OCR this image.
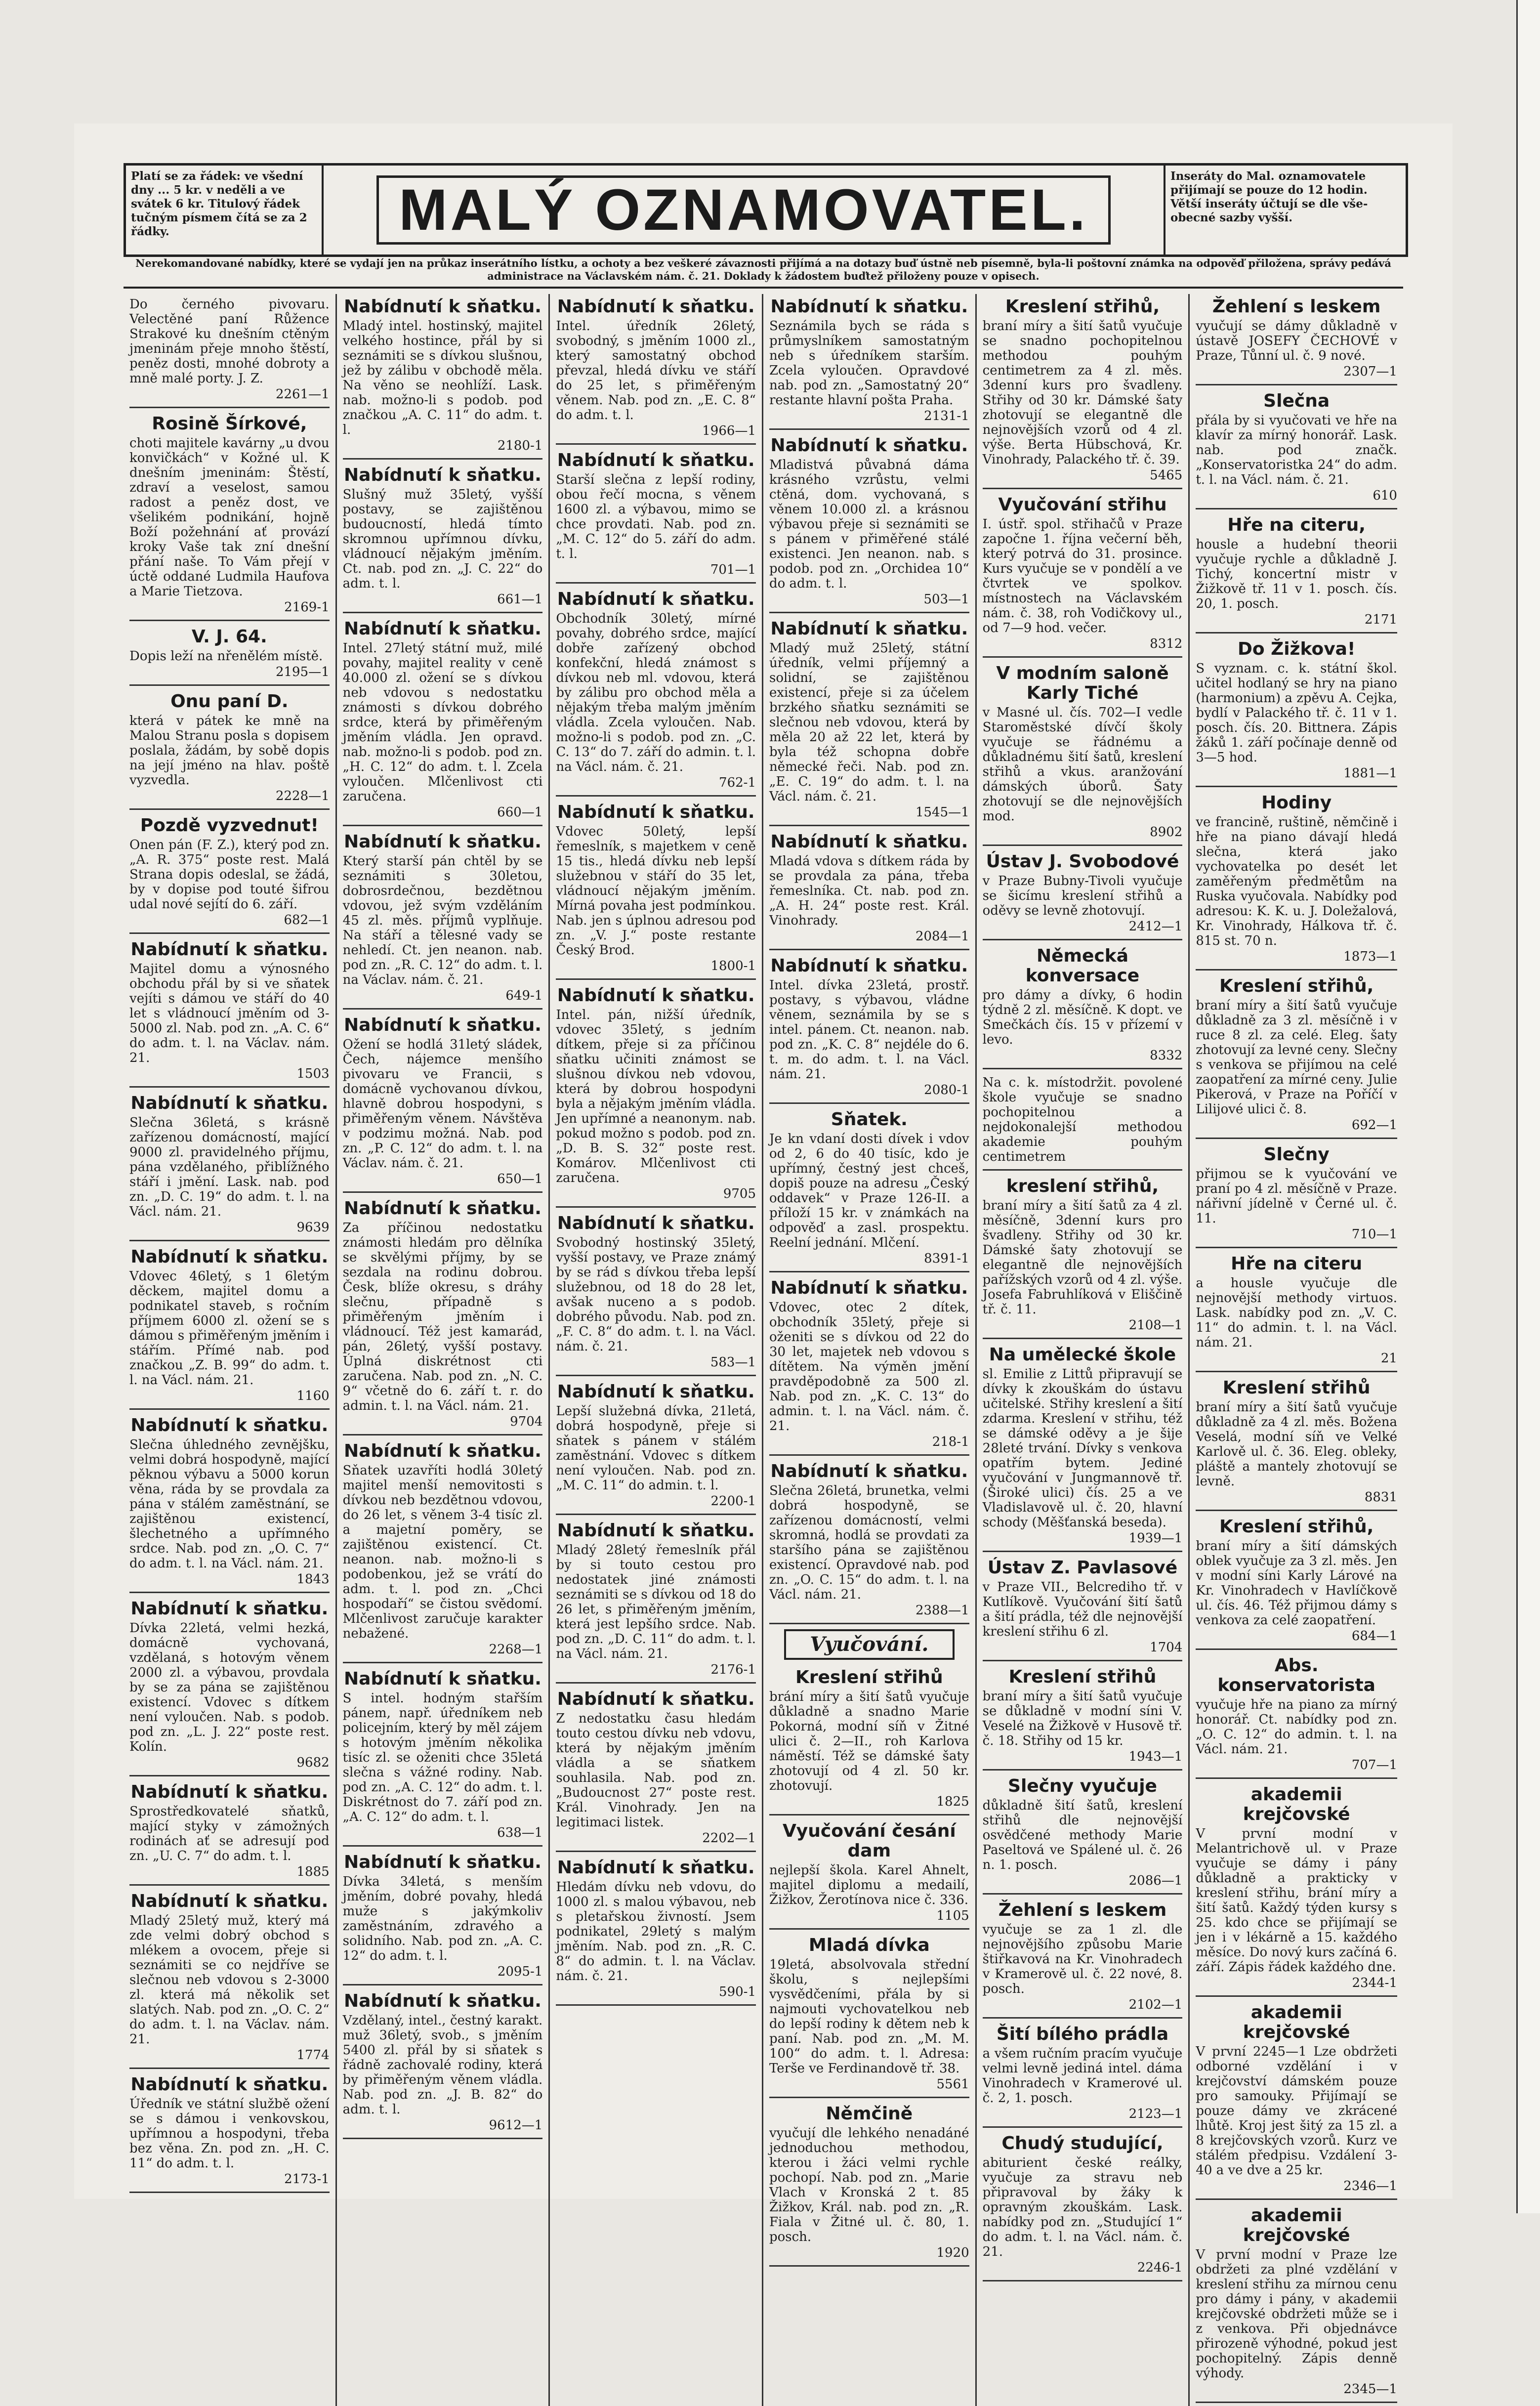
Platí se za řádek: ve všední dny ... 5 kr. v neděli a ve svátek 6 kr. Titulový řádek tučným písmem čítá se za 2 řádky.	MALÝ OZNAMOVATEL.
Inseráty do Mal. oznamovatele přijímají se pouze do 12 hodin. Větší inseráty účtují se dle vše-obecné sazby vyšší.
Nerekomandované nabídky, které se vydají jen na průkaz inserátního lístku, a ochoty a bez veškeré závaznosti přijímá a na dotazy buď ústně neb písemně, byla-li poštovní známka na odpověď přiložena, správy pedává administrace na Václavském nám. č. 21. Doklady k žádostem buďtež přiloženy pouze v opisech.

Do černého pivovaru. Velectěné paní Růžence Strakové ku dnešním ctěným jmeninám přeje mnoho štěstí, peněz dosti, mnohé dobroty a mně malé porty. J. Z.

2261—1
Rosině Šírkové,

choti majitele kavárny „u dvou konvičkách“ v Kožné ul. K dnešním jmeninám: Štěstí, zdraví a veselost, samou radost a peněz dost, ve všelikém podnikání, hojně Boží požehnání ať provází kroky Vaše tak zní dnešní přání naše. To Vám přejí v úctě oddané Ludmila Haufova a Marie Tietzova.

2169-1
V. J. 64.

Dopis leží na nřenělém místě.

2195—1
Onu paní D.

která v pátek ke mně na Malou Stranu posla s dopisem poslala, žádám, by sobě dopis na její jméno na hlav. poště vyzvedla.

2228—1
Pozdě vyzvednut!

Onen pán (F. Z.), který pod zn. „A. R. 375“ poste rest. Malá Strana dopis odeslal, se žádá, by v dopise pod touté šifrou udal nové sejítí do 6. září.

682—1
Nabídnutí k sňatku.

Majitel domu a výnosného obchodu přál by si ve sňatek vejíti s dámou ve stáří do 40 let s vládnoucí jměním od 3-5000 zl. Nab. pod zn. „A. C. 6“ do adm. t. l. na Václav. nám. 21.

1503
Nabídnutí k sňatku.

Slečna 36letá, s krásně zařízenou domácností, mající 9000 zl. pravidelného příjmu, pána vzdělaného, přiblížného stáří i jmění. Lask. nab. pod zn. „D. C. 19“ do adm. t. l. na Václ. nám. 21.

9639
Nabídnutí k sňatku.

Vdovec 46letý, s 1 6letým děckem, majitel domu a podnikatel staveb, s ročním příjmem 6000 zl. ožení se s dámou s přiměřeným jměním i stářím. Přímé nab. pod značkou „Z. B. 99“ do adm. t. l. na Václ. nám. 21.

1160
Nabídnutí k sňatku.

Slečna úhledného zevnějšku, velmi dobrá hospodyně, mající pěknou výbavu a 5000 korun věna, ráda by se provdala za pána v stálém zaměstnání, se zajištěnou existencí, šlechetného a upřímného srdce. Nab. pod zn. „O. C. 7“ do adm. t. l. na Václ. nám. 21.

1843
Nabídnutí k sňatku.

Dívka 22letá, velmi hezká, domácně vychovaná, vzdělaná, s hotovým věnem 2000 zl. a výbavou, provdala by se za pána se zajištěnou existencí. Vdovec s dítkem není vyloučen. Nab. s podob. pod zn. „L. J. 22“ poste rest. Kolín.

9682
Nabídnutí k sňatku.

Sprostředkovatelé sňatků, mající styky v zámožných rodinách ať se adresují pod zn. „U. C. 7“ do adm. t. l.

1885
Nabídnutí k sňatku.

Mladý 25letý muž, který má zde velmi dobrý obchod s mlékem a ovocem, přeje si seznámiti se co nejdříve se slečnou neb vdovou s 2-3000 zl. která má několik set slatých. Nab. pod zn. „O. C. 2“ do adm. t. l. na Václav. nám. 21.

1774
Nabídnutí k sňatku.

Úředník ve státní službě ožení se s dámou i venkovskou, upřímnou a hospodyni, třeba bez věna. Zn. pod zn. „H. C. 11“ do adm. t. l.

2173-1
Nabídnutí k sňatku.

Mladý intel. hostinský, majitel velkého hostince, přál by si seznámiti se s dívkou slušnou, jež by zálibu v obchodě měla. Na věno se neohlíží. Lask. nab. možno-li s podob. pod značkou „A. C. 11“ do adm. t. l.

2180-1
Nabídnutí k sňatku.

Slušný muž 35letý, vyšší postavy, se zajištěnou budoucností, hledá tímto skromnou upřímnou dívku, vládnoucí nějakým jměním. Ct. nab. pod zn. „J. C. 22“ do adm. t. l.

661—1
Nabídnutí k sňatku.

Intel. 27letý státní muž, milé povahy, majitel reality v ceně 40.000 zl. ožení se s dívkou neb vdovou s nedostatku známosti s dívkou dobrého srdce, která by přiměřeným jměním vládla. Jen opravd. nab. možno-li s podob. pod zn. „H. C. 12“ do adm. t. l. Zcela vyloučen. Mlčenlivost cti zaručena.

660—1
Nabídnutí k sňatku.

Který starší pán chtěl by se seznámiti s 30letou, dobrosrdečnou, bezdětnou vdovou, jež svým vzděláním 45 zl. měs. příjmů vyplňuje. Na stáří a tělesné vady se nehledí. Ct. jen neanon. nab. pod zn. „R. C. 12“ do adm. t. l. na Václav. nám. č. 21.

649-1
Nabídnutí k sňatku.

Ožení se hodlá 31letý sládek, Čech, nájemce menšího pivovaru ve Francii, s domácně vychovanou dívkou, hlavně dobrou hospodyni, s přiměřeným věnem. Návštěva v podzimu možná. Nab. pod zn. „P. C. 12“ do adm. t. l. na Václav. nám. č. 21.

650—1
Nabídnutí k sňatku.

Za příčinou nedostatku známosti hledám pro dělníka se skvělými příjmy, by se sezdala na rodinu dobrou. Česk, blíže okresu, s dráhy slečnu, případně s přiměřeným jměním i vládnoucí. Též jest kamarád, pán, 26letý, vyšší postavy. Úplná diskrétnost cti zaručena. Nab. pod zn. „N. C. 9“ včetně do 6. září t. r. do admin. t. l. na Václ. nám. 21.

9704
Nabídnutí k sňatku.

Sňatek uzavříti hodlá 30letý majitel menší nemovitosti s dívkou neb bezdětnou vdovou, do 26 let, s věnem 3-4 tisíc zl. a majetní poměry, se zajištěnou existencí. Ct. neanon. nab. možno-li s podobenkou, jež se vrátí do adm. t. l. pod zn. „Chci hospodaří“ se čistou svědomí. Mlčenlivost zaručuje karakter nebažené.

2268—1
Nabídnutí k sňatku.

S intel. hodným stařším pánem, např. úředníkem neb policejním, který by měl zájem s hotovým jměním několika tisíc zl. se oženiti chce 35letá slečna s vážné rodiny. Nab. pod zn. „A. C. 12“ do adm. t. l. Diskrétnost do 7. září pod zn. „A. C. 12“ do adm. t. l.

638—1
Nabídnutí k sňatku.

Dívka 34letá, s menším jměním, dobré povahy, hledá muže s jakýmkoliv zaměstnáním, zdravého a solidního. Nab. pod zn. „A. C. 12“ do adm. t. l.

2095-1
Nabídnutí k sňatku.

Vzdělaný, intel., čestný karakt. muž 36letý, svob., s jměním 5400 zl. přál by si sňatek s řádně zachovalé rodiny, která by přiměřeným věnem vládla. Nab. pod zn. „J. B. 82“ do adm. t. l.

9612—1
Nabídnutí k sňatku.

Intel. úředník 26letý, svobodný, s jměním 1000 zl., který samostatný obchod převzal, hledá dívku ve stáří do 25 let, s přiměřeným věnem. Nab. pod zn. „E. C. 8“ do adm. t. l.

1966—1
Nabídnutí k sňatku.

Starší slečna z lepší rodiny, obou řečí mocna, s věnem 1600 zl. a výbavou, mimo se chce provdati. Nab. pod zn. „M. C. 12“ do 5. září do adm. t. l.

701—1
Nabídnutí k sňatku.

Obchodník 30letý, mírné povahy, dobrého srdce, mající dobře zařízený obchod konfekční, hledá známost s dívkou neb ml. vdovou, která by zálibu pro obchod měla a nějakým třeba malým jměním vládla. Zcela vyloučen. Nab. možno-li s podob. pod zn. „C. C. 13“ do 7. září do admin. t. l. na Václ. nám. č. 21.

762-1
Nabídnutí k sňatku.

Vdovec 50letý, lepší řemeslník, s majetkem v ceně 15 tis., hledá dívku neb lepší služebnou v stáří do 35 let, vládnoucí nějakým jměním. Mírná povaha jest podmínkou. Nab. jen s úplnou adresou pod zn. „V. J.“ poste restante Český Brod.

1800-1
Nabídnutí k sňatku.

Intel. pán, nižší úředník, vdovec 35letý, s jedním dítkem, přeje si za příčinou sňatku učiniti známost se slušnou dívkou neb vdovou, která by dobrou hospodyni byla a nějakým jměním vládla. Jen upřímné a neanonym. nab. pokud možno s podob. pod zn. „D. B. S. 32“ poste rest. Komárov. Mlčenlivost cti zaručena.

9705
Nabídnutí k sňatku.

Svobodný hostinský 35letý, vyšší postavy, ve Praze známý by se rád s dívkou třeba lepší služebnou, od 18 do 28 let, avšak nuceno a s podob. dobrého původu. Nab. pod zn. „F. C. 8“ do adm. t. l. na Václ. nám. č. 21.

583—1
Nabídnutí k sňatku.

Lepší služebná dívka, 21letá, dobrá hospodyně, přeje si sňatek s pánem v stálém zaměstnání. Vdovec s dítkem není vyloučen. Nab. pod zn. „M. C. 11“ do admin. t. l.

2200-1
Nabídnutí k sňatku.

Mladý 28letý řemeslník přál by si touto cestou pro nedostatek jiné známosti seznámiti se s dívkou od 18 do 26 let, s přiměřeným jměním, která jest lepšího srdce. Nab. pod zn. „D. C. 11“ do adm. t. l. na Václ. nám. 21.

2176-1
Nabídnutí k sňatku.

Z nedostatku času hledám touto cestou dívku neb vdovu, která by nějakým jměním vládla a se sňatkem souhlasila. Nab. pod zn. „Budoucnost 27“ poste rest. Král. Vinohrady. Jen na legitimaci listek.

2202—1
Nabídnutí k sňatku.

Hledám dívku neb vdovu, do 1000 zl. s malou výbavou, neb s pletařskou živností. Jsem podnikatel, 29letý s malým jměním. Nab. pod zn. „R. C. 8“ do admin. t. l. na Václav. nám. č. 21.

590-1
Nabídnutí k sňatku.

Seznámila bych se ráda s průmyslníkem samostatným neb s úředníkem starším. Zcela vyloučen. Opravdové nab. pod zn. „Samostatný 20“ restante hlavní pošta Praha.

2131-1
Nabídnutí k sňatku.

Mladistvá půvabná dáma krásného vzrůstu, velmi ctěná, dom. vychovaná, s věnem 10.000 zl. a krásnou výbavou přeje si seznámiti se s pánem v přiměřené stálé existenci. Jen neanon. nab. s podob. pod zn. „Orchidea 10“ do adm. t. l.

503—1
Nabídnutí k sňatku.

Mladý muž 25letý, státní úředník, velmi příjemný a solidní, se zajištěnou existencí, přeje si za účelem brzkého sňatku seznámiti se slečnou neb vdovou, která by měla 20 až 22 let, která by byla též schopna dobře německé řeči. Nab. pod zn. „E. C. 19“ do adm. t. l. na Václ. nám. č. 21.

1545—1
Nabídnutí k sňatku.

Mladá vdova s dítkem ráda by se provdala za pána, třeba řemeslníka. Ct. nab. pod zn. „A. H. 24“ poste rest. Král. Vinohrady.

2084—1
Nabídnutí k sňatku.

Intel. dívka 23letá, prostř. postavy, s výbavou, vládne věnem, seznámila by se s intel. pánem. Ct. neanon. nab. pod zn. „K. C. 8“ nejdéle do 6. t. m. do adm. t. l. na Václ. nám. 21.

2080-1
Sňatek.

Je kn vdaní dosti dívek i vdov od 2, 6 do 40 tisíc, kdo je upřímný, čestný jest chceš, dopiš pouze na adresu „Český oddavek“ v Praze 126-II. a příloží 15 kr. v známkách na odpověď a zasl. prospektu. Reelní jednání. Mlčení.

8391-1
Nabídnutí k sňatku.

Vdovec, otec 2 dítek, obchodník 35letý, přeje si oženiti se s dívkou od 22 do 30 let, majetek neb vdovou s dítětem. Na výměn jmění pravděpodobně za 500 zl. Nab. pod zn. „K. C. 13“ do admin. t. l. na Václ. nám. č. 21.

218-1
Nabídnutí k sňatku.

Slečna 26letá, brunetka, velmi dobrá hospodyně, se zařízenou domácností, velmi skromná, hodlá se provdati za staršího pána se zajištěnou existencí. Opravdové nab. pod zn. „O. C. 15“ do adm. t. l. na Václ. nám. 21.

2388—1
Vyučování.
Kreslení střihů

brání míry a šití šatů vyučuje důkladně a snadno Marie Pokorná, modní síň v Žitné ulici č. 2—II., roh Karlova náměstí. Též se dámské šaty zhotovují od 4 zl. 50 kr. zhotovují.

1825
Vyučování česání dam

nejlepší škola. Karel Ahnelt, majitel diplomu a medailí, Žižkov, Žerotínova nice č. 336.

1105
Mladá dívka

19letá, absolvovala střední školu, s nejlepšími vysvědčeními, přála by si najmouti vychovatelkou neb do lepší rodiny k dětem neb k paní. Nab. pod zn. „M. M. 100“ do adm. t. l. Adresa: Terše ve Ferdinandově tř. 38.

5561
Němčině

vyučují dle lehkého nenadáné jednoduchou methodou, kterou i žáci velmi rychle pochopí. Nab. pod zn. „Marie Vlach v Kronská 2 t. 85 Žižkov, Král. nab. pod zn. „R. Fiala v Žitné ul. č. 80, 1. posch.

1920
Kreslení střihů,

braní míry a šití šatů vyučuje se snadno pochopitelnou methodou pouhým centimetrem za 4 zl. měs. 3denní kurs pro švadleny. Střihy od 30 kr. Dámské šaty zhotovují se elegantně dle nejnovějších vzorů od 4 zl. výše. Berta Hübschová, Kr. Vinohrady, Palackého tř. č. 39.

5465
Vyučování střihu

I. ústř. spol. střihačů v Praze započne 1. října večerní běh, který potrvá do 31. prosince. Kurs vyučuje se v pondělí a ve čtvrtek ve spolkov. místnostech na Václavském nám. č. 38, roh Vodičkovy ul., od 7—9 hod. večer.

8312
V modním saloně Karly Tiché

v Masné ul. čís. 702—I vedle Staroměstské dívčí školy vyučuje se řádnému a důkladnému šití šatů, kreslení střihů a vkus. aranžování dámských úborů. Šaty zhotovují se dle nejnovějších mod.

8902
Ústav J. Svobodové

v Praze Bubny-Tivoli vyučuje se šicímu kreslení střihů a oděvy se levně zhotovují.

2412—1
Německá konversace

pro dámy a dívky, 6 hodin týdně 2 zl. měsíčně. K dopt. ve Smečkách čís. 15 v přízemí v levo.

8332

Na c. k. místodržit. povolené škole vyučuje se snadno pochopitelnou a nejdokonalejší methodou akademie pouhým centimetrem

kreslení střihů,

braní míry a šití šatů za 4 zl. měsíčně, 3denní kurs pro švadleny. Střihy od 30 kr. Dámské šaty zhotovují se elegantně dle nejnovějších pařížských vzorů od 4 zl. výše. Josefa Fabruhlíková v Eliščině tř. č. 11.

2108—1
Na umělecké škole

sl. Emilie z Littů připravují se dívky k zkouškám do ústavu učitelské. Střihy kreslení a šití zdarma. Kreslení v střihu, též se dámské oděvy a je šije 28leté trvání. Dívky s venkova opatřím bytem. Jediné vyučování v Jungmannově tř. (Široké ulici) čís. 25 a ve Vladislavově ul. č. 20, hlavní schody (Měšťanská beseda).

1939—1
Ústav Z. Pavlasové

v Praze VII., Belcrediho tř. v Kutlíkově. Vyučování šití šatů a šití prádla, též dle nejnovější kreslení střihu 6 zl.

1704
Kreslení střihů

braní míry a šití šatů vyučuje se důkladně v modní síni V. Veselé na Žižkově v Husově tř. č. 18. Střihy od 15 kr.

1943—1
Slečny vyučuje

důkladně šití šatů, kreslení střihů dle nejnovější osvědčené methody Marie Paseltová ve Spálené ul. č. 26 n. 1. posch.

2086—1
Žehlení s leskem

vyučuje se za 1 zl. dle nejnovějšího způsobu Marie štiřkavová na Kr. Vinohradech v Kramerově ul. č. 22 nové, 8. posch.

2102—1
Šití bílého prádla

a všem ručním pracím vyučuje velmi levně jediná intel. dáma Vinohradech v Kramerové ul. č. 2, 1. posch.

2123—1
Chudý studující,

abiturient české reálky, vyučuje za stravu neb připravoval by žáky k opravným zkouškám. Lask. nabídky pod zn. „Studující 1“ do adm. t. l. na Václ. nám. č. 21.

2246-1
Žehlení s leskem

vyučují se dámy důkladně v ústavě JOSEFY ČECHOVÉ v Praze, Tůnní ul. č. 9 nové.

2307—1
Slečna

přála by si vyučovati ve hře na klavír za mírný honorář. Lask. nab. pod značk. „Konservatoristka 24“ do adm. t. l. na Václ. nám. č. 21.

610
Hře na citeru,

housle a hudební theorii vyučuje rychle a důkladně J. Tichý, koncertní mistr v Žižkově tř. 11 v 1. posch. čís. 20, 1. posch.

2171
Do Žižkova!

S vyznam. c. k. státní škol. učitel hodlaný se hry na piano (harmonium) a zpěvu A. Cejka, bydlí v Palackého tř. č. 11 v 1. posch. čís. 20. Bittnera. Zápis žáků 1. září počínaje denně od 3—5 hod.

1881—1
Hodiny

ve francině, ruštině, němčině i hře na piano dávají hledá slečna, která jako vychovatelka po desét let zaměřeným předmětům na Ruska vyučovala. Nabídky pod adresou: K. K. u. J. Doležalová, Kr. Vinohrady, Hálkova tř. č. 815 st. 70 n.

1873—1
Kreslení střihů,

braní míry a šití šatů vyučuje důkladně za 3 zl. měsíčně i v ruce 8 zl. za celé. Eleg. šaty zhotovují za levné ceny. Slečny s venkova se přijímou na celé zaopatření za mírné ceny. Julie Pikerová, v Praze na Poříčí v Lilijové ulici č. 8.

692—1
Slečny

přijmou se k vyučování ve praní po 4 zl. měsíčně v Praze. nářivní jídelně v Černé ul. č. 11.

710—1
Hře na citeru

a housle vyučuje dle nejnovější methody virtuos. Lask. nabídky pod zn. „V. C. 11“ do admin. t. l. na Václ. nám. 21.

21
Kreslení střihů

braní míry a šití šatů vyučuje důkladně za 4 zl. měs. Božena Veselá, modní síň ve Velké Karlově ul. č. 36. Eleg. obleky, pláště a mantely zhotovují se levně.

8831
Kreslení střihů,

braní míry a šití dámských oblek vyučuje za 3 zl. měs. Jen v modní síni Karly Lárové na Kr. Vinohradech v Havlíčkově ul. čís. 46. Též přijmou dámy s venkova za celé zaopatření.

684—1
Abs. konservatorista

vyučuje hře na piano za mírný honorář. Ct. nabídky pod zn. „O. C. 12“ do admin. t. l. na Václ. nám. 21.

707—1
akademii krejčovské

V první modní v Melantrichově ul. v Praze vyučuje se dámy i pány důkladně a prakticky v kreslení střihu, brání míry a šití šatů. Každý týden kursy s 25. kdo chce se přijímají se jen i v lékárně a 15. každého měsíce. Do nový kurs začíná 6. září. Zápis řádek každého dne.

2344-1
akademii krejčovské

V první 2245—1 Lze obdržeti odborné vzdělání i v krejčovství dámském pouze pro samouky. Přijímají se pouze dámy ve zkrácené lhůtě. Kroj jest šitý za 15 zl. a 8 krejčovských vzorů. Kurz ve stálém předpisu. Vzdálení 3-40 a ve dve a 25 kr.

2346—1
akademii krejčovské

V první modní v Praze lze obdržeti za plné vzdělání v kreslení střihu za mírnou cenu pro dámy i pány, v akademii krejčovské obdržeti může se i z venkova. Při objednávce přirozeně výhodné, pokud jest pochopitelný. Zápis denně výhody.

2345—1
